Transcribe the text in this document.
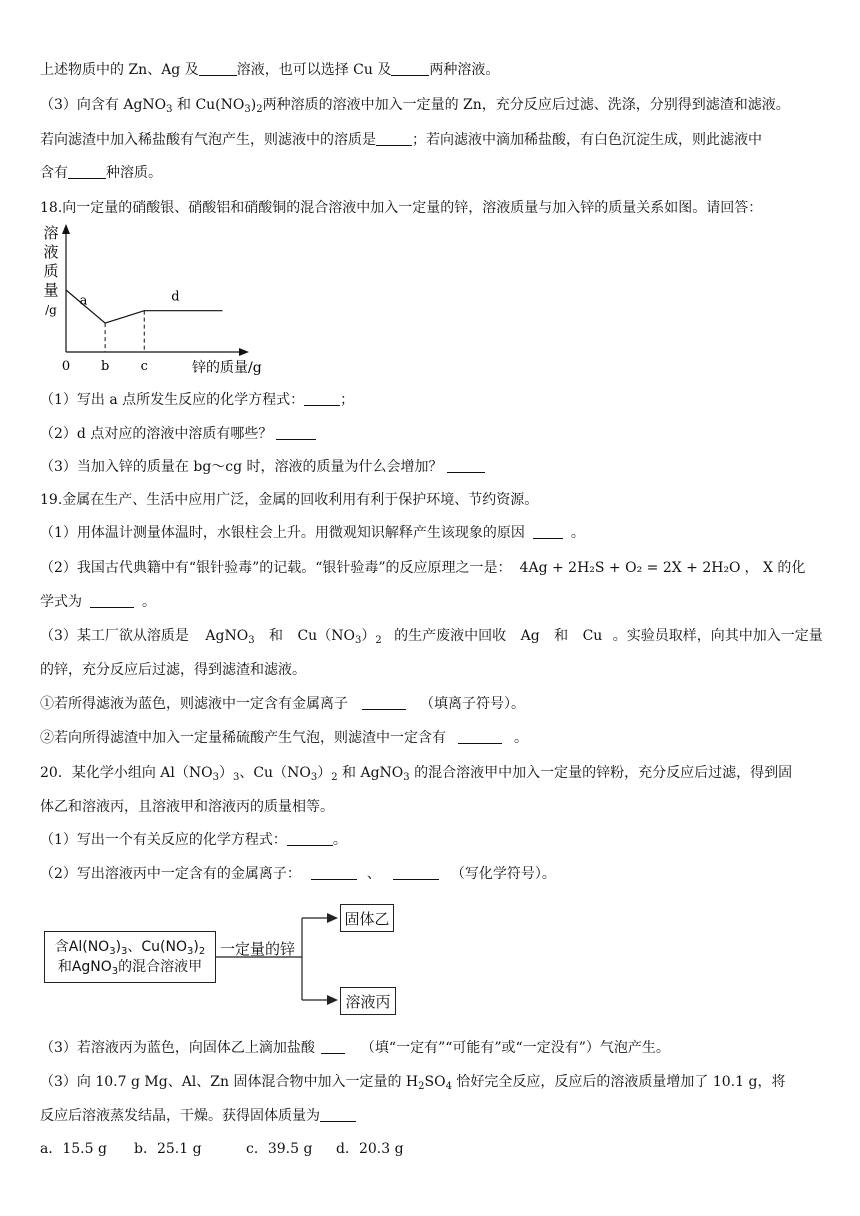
上述物质中的 Zn、Ag 及	溶液，也可以选择 Cu 及	两种溶液。
（3）向含有 AgNO$_3$ 和 $Cu(NO_3)_2$两种溶质的溶液中加入一定量的 Zn，充分反应后过滤、洗涤，分别得到滤渣和滤液。
若向滤渣中加入稀盐酸有气泡产生，则滤液中的溶质是	；若向滤液中滴加稀盐酸，有白色沉淀生成，则此滤液中
含有	种溶质。
18.向一定量的硝酸银、硝酸铝和硝酸铜的混合溶液中加入一定量的锌，溶液质量与加入锌的质量关系如图。请回答：
溶
液
质
量
/g
0 b c
a	d
锌的质量/g
（1）写出 a 点所发生反应的化学方程式：	；
（2）d 点对应的溶液中溶质有哪些？
（3）当加入锌的质量在 bg～cg 时，溶液的质量为什么会增加？
19.金属在生产、生活中应用广泛，金属的回收利用有利于保护环境、节约资源。
（1）用体温计测量体温时，水银柱会上升。用微观知识解释产生该现象的原因	。
（2）我国古代典籍中有“银针验毒”的记载。“银针验毒”的反应原理之一是： 4Ag + 2H₂S + O₂ = 2X + 2H₂O ， X 的化
学式为	。
（3）某工厂欲从溶质是 AgNO$_3$ 和 $Cu(NO_3)_2$ 的生产废液中回收 Ag 和 Cu 。实验员取样，向其中加入一定量
的锌，充分反应后过滤，得到滤渣和滤液。
①若所得滤液为蓝色，则滤液中一定含有金属离子	（填离子符号）。
②若向所得滤渣中加入一定量稀硫酸产生气泡，则滤渣中一定含有	。
20．某化学小组向 $Al(NO_3)_3$、$Cu(NO_3)_2$ 和 AgNO$_3$ 的混合溶液甲中加入一定量的锌粉，充分反应后过滤，得到固
体乙和溶液丙，且溶液甲和溶液丙的质量相等。
（1）写出一个有关反应的化学方程式：	。
（2）写出溶液丙中一定含有的金属离子：	、	（写化学符号）。
含$Al(NO_3)_3$、$Cu(NO_3)_2$
和AgNO$_3$的混合溶液甲
一定量的锌
固体乙
溶液丙
（3）若溶液丙为蓝色，向固体乙上滴加盐酸	（填“一定有”“可能有”或“一定没有”）气泡产生。
（3）向 10.7 g Mg、Al、Zn 固体混合物中加入一定量的 $H_2SO_4$ 恰好完全反应，反应后的溶液质量增加了 10.1 g，将
反应后溶液蒸发结晶，干燥。获得固体质量为
a．15.5 g b．25.1 g	c．39.5 g d．20.3 g
